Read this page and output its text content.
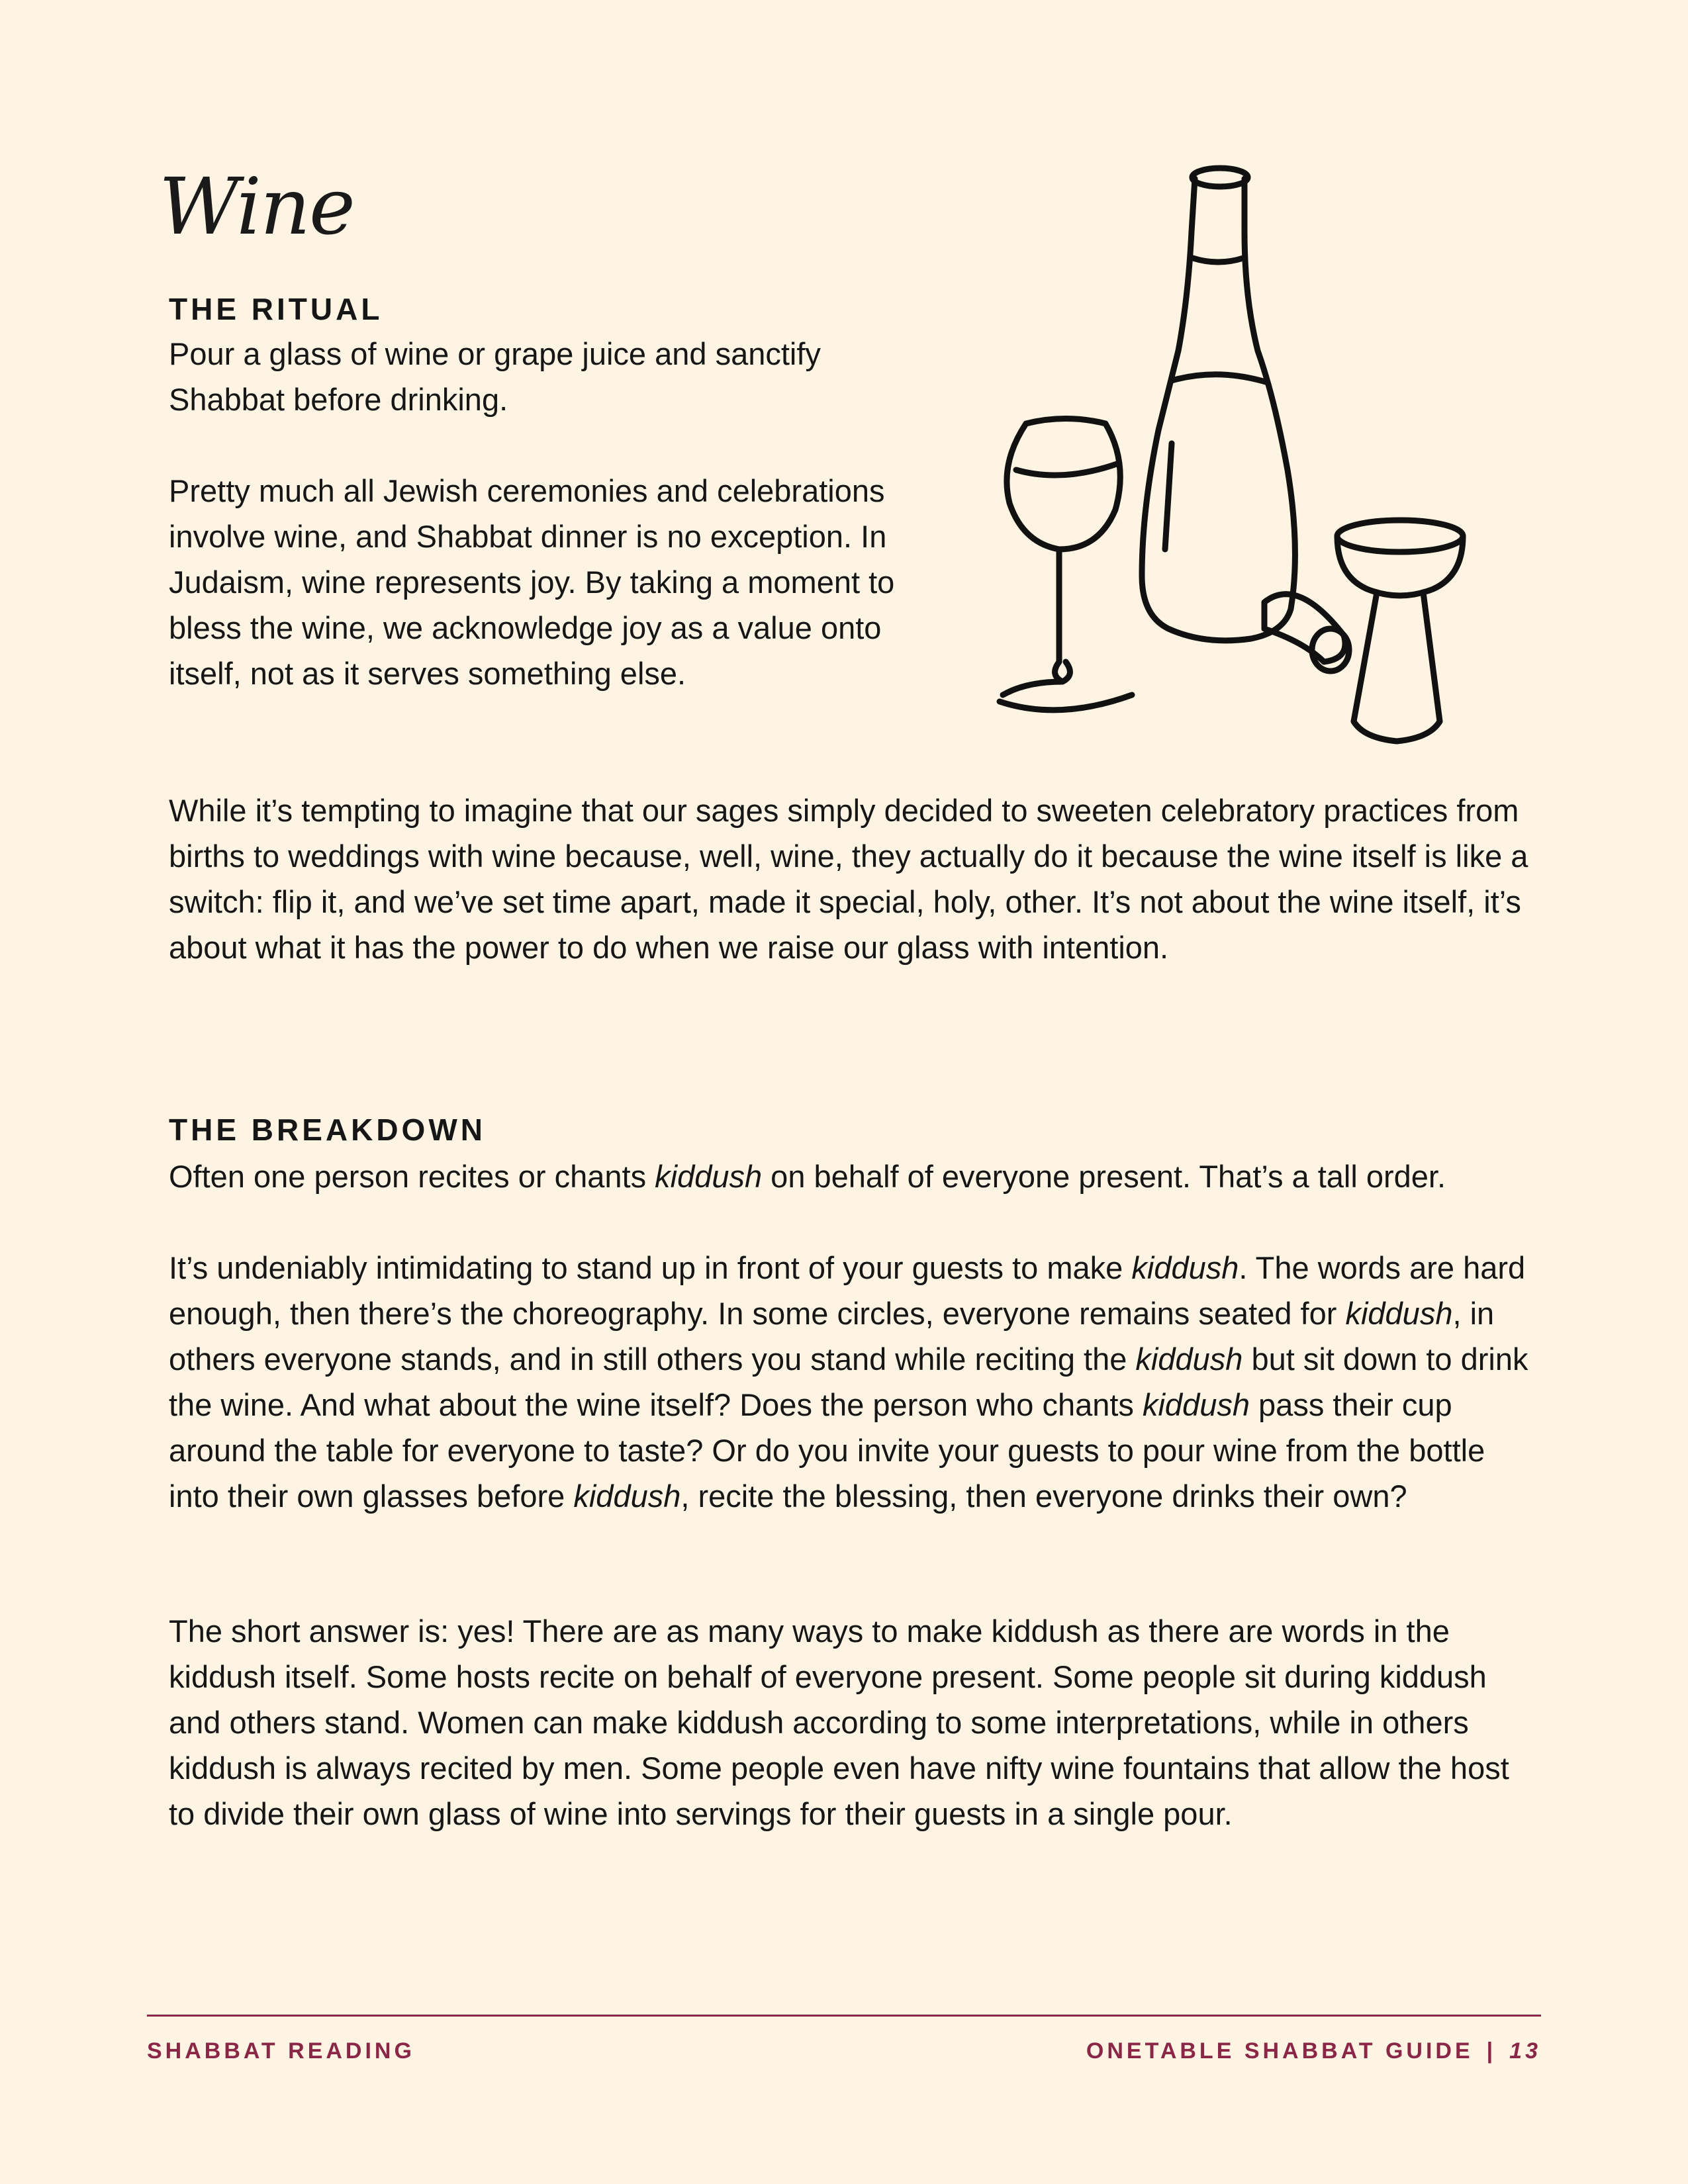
Wine
THE RITUAL

Pour a glass of wine or grape juice and sanctify Shabbat before drinking.

Pretty much all Jewish ceremonies and celebrations involve wine, and Shabbat dinner is no exception. In Judaism, wine represents joy. By taking a moment to bless the wine, we acknowledge joy as a value onto itself, not as it serves something else.

While it’s tempting to imagine that our sages simply decided to sweeten celebratory practices from births to weddings with wine because, well, wine, they actually do it because the wine itself is like a switch: flip it, and we’ve set time apart, made it special, holy, other. It’s not about the wine itself, it’s about what it has the power to do when we raise our glass with intention.

THE BREAKDOWN

Often one person recites or chants kiddush on behalf of everyone present. That’s a tall order.

It’s undeniably intimidating to stand up in front of your guests to make kiddush. The words are hard enough, then there’s the choreography. In some circles, everyone remains seated for kiddush, in others everyone stands, and in still others you stand while reciting the kiddush but sit down to drink the wine. And what about the wine itself? Does the person who chants kiddush pass their cup around the table for everyone to taste? Or do you invite your guests to pour wine from the bottle into their own glasses before kiddush, recite the blessing, then everyone drinks their own?

The short answer is: yes! There are as many ways to make kiddush as there are words in the kiddush itself. Some hosts recite on behalf of everyone present. Some people sit during kiddush and others stand. Women can make kiddush according to some interpretations, while in others kiddush is always recited by men. Some people even have nifty wine fountains that allow the host to divide their own glass of wine into servings for their guests in a single pour.

SHABBAT READING	ONETABLE SHABBAT GUIDE | 13
